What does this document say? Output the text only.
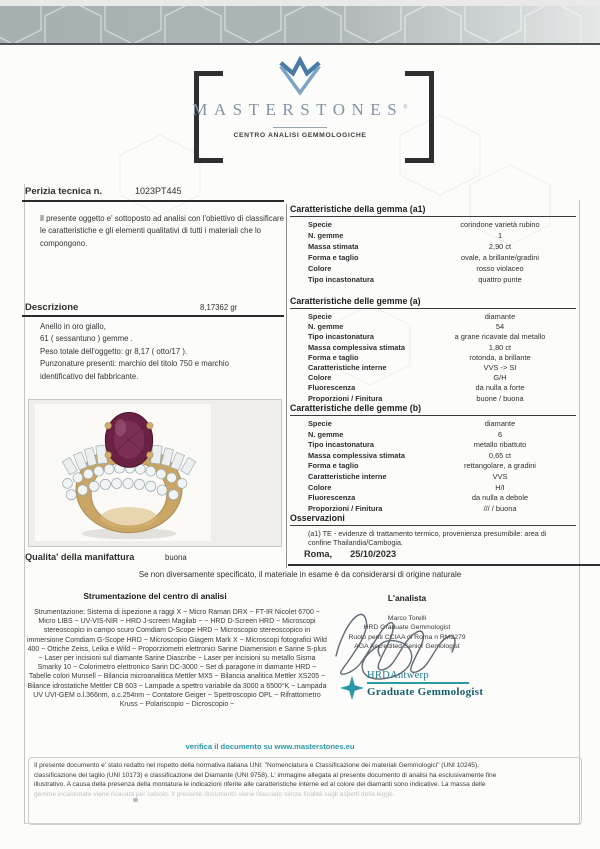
MASTERSTONES®
CENTRO ANALISI GEMMOLOGICHE
Perizia tecnica n.	1023PT445
Il presente oggetto e' sottoposto ad analisi con l'obiettivo di classificare le caratteristiche e gli elementi qualitativi di tutti i materiali che lo compongono.
Descrizione	8,17362 gr
Anello in oro giallo,
61 ( sessantuno ) gemme .
Peso totale dell'oggetto: gr 8,17 ( otto/17 ).
Punzonature presenti: marchio del titolo 750 e marchio
identificativo del fabbricante.
Qualita' della manifattura	buona
Caratteristiche della gemma (a1)
Specie	corindone varietà rubino
N. gemme	1
Massa stimata	2,90 ct
Forma e taglio	ovale, a brillante/gradini
Colore	rosso violaceo
Tipo incastonatura	quattro punte
Caratteristiche delle gemme (a)
Specie	diamante
N. gemme	54
Tipo incastonatura	a grane ricavate dal metallo
Massa complessiva stimata	1,80 ct
Forma e taglio	rotonda, a brillante
Caratteristiche interne	VVS -> SI
Colore	G/H
Fluorescenza	da nulla a forte
Proporzioni / Finitura	buone / buona
Caratteristiche delle gemme (b)
Specie	diamante
N. gemme	6
Tipo incastonatura	metallo ribattuto
Massa complessiva stimata	0,65 ct
Forma e taglio	rettangolare, a gradini
Caratteristiche interne	VVS
Colore	H/I
Fluorescenza	da nulla a debole
Proporzioni / Finitura	/// / buona
Osservazioni
(a1) TE - evidenze di trattamento termico, provenienza presumibile: area di confine Thailandia/Cambogia.
Roma, 25/10/2023
Se non diversamente specificato, il materiale in esame è da considerarsi di origine naturale
Strumentazione del centro di analisi
Strumentazione: Sistema di ispezione a raggi X ~ Micro Raman DRX ~ FT-IR Nicolet 6700 ~ Micro LIBS ~ UV-VIS-NIR ~ HRD J-screen Magilab ~ ~ HRD D-Screen HRD ~ Microscopi stereoscopici in campo scuro Comdiam D-Scope HRD ~ Microscopio stereoscopico in immersione Comdiam G-Scope HRD ~ Microscopio Giagem Mark X ~ Microscopi fotografici Wild 400 ~ Ottiche Zeiss, Leika e Wild ~ Proporziometri elettronici Sarine Diamension e Sarine S-plus ~ Laser per incisioni sul diamante Sarine Diascribe ~ Laser per incisioni su metallo Sisma Smarky 10 ~ Colorimetro elettronico Sarin DC-3000 ~ Set di paragone in diamante HRD ~ Tabelle colori Munsell ~ Bilancia microanalitica Mettler MX5 ~ Bilancia analitica Mettler XS205 ~ Bilance idrostatiche Mettler CB 603 ~ Lampade a spettro variabile da 3000 a 6500°K ~ Lampada UV UVI-GEM o.l.366nm, o.c.254nm ~ Contatore Geiger ~ Spettroscopio OPL ~ Rifrattometro Kruss ~ Polariscopio ~ Dicroscopio ~
L'analista
Marco Torelli
HRD Graduate Gemmologist
Ruolo periti CCIAA di Roma n RM2279
AGA Accredited Senior Gemologist
HRDAntwerp
Graduate Gemmologist
verifica il documento su www.masterstones.eu
Il presente documento e' stato redatto nel rispetto della normativa italiana UNI: "Nomenclatura e Classificazione dei materiali Gemmologici" (UNI 10245),
classificazione del taglio (UNI 10173) e classificazione del Diamante (UNI 9758). L' immagine allegata al presente documento di analisi ha esclusivamente fine
illustrativo. A causa della presenza della montatura le indicazioni riferite alle caratteristiche interne ed al colore dei diamanti sono indicative. La massa delle
gemme incastonate viene ricavata per calcolo. Il presente documento viene rilasciato senza finalità sugli aspetti della legge.
